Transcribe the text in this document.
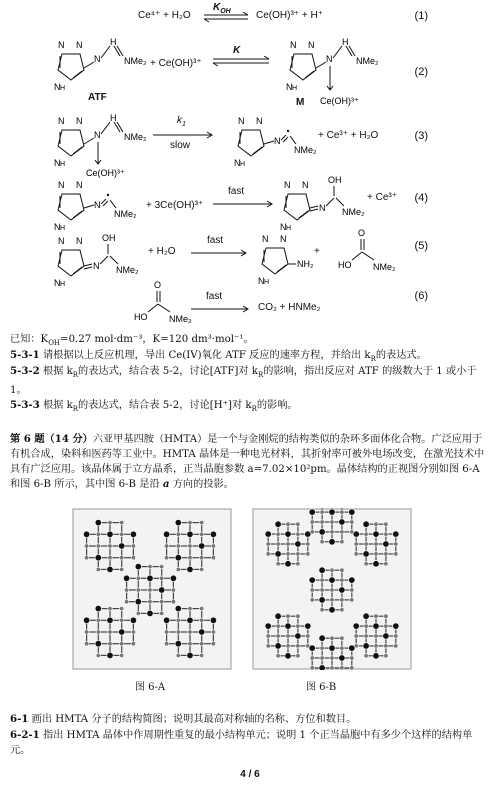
Ce⁴⁺ + H₂O
$K_{OH}$	Ce(OH)³⁺ + H⁺	(1)
N N
N H
N
H
NMe₂
ATF
+ Ce(OH)³⁺
K	N N
N H
N
H
NMe₂
Ce(OH)³⁺
M
(2)
N N
N H
N
H
NMe₂
Ce(OH)³⁺
$k_1$
slow
N N
N H
N
NMe₂
+ Ce³⁺ + H₂O	(3)
N N
N H
N
NMe₂
+ 3Ce(OH)³⁺
fast
N N
N H
N
OH
NMe₂
+ Ce³⁺ (4)
N N
N H
N
OH
NMe₂
+ H₂O
fast	N N
N H
NH₂
+
O
HO NMe₂
(5)
O
HO NMe₂
fast
CO₂ + HNMe₂
(6)
已知：$K_{OH}=0.27$ mol·dm⁻³，K=120 dm³·mol⁻¹。
5-3-1 请根据以上反应机理，导出 Ce(IV)氧化 ATF 反应的速率方程，并给出 $k_R$的表达式。
5-3-2 根据 $k_R$的表达式，结合表 5-2，讨论[ATF]对 $k_R$的影响，指出反应对 ATF 的级数大于 1 或小于 1。
5-3-3 根据 $k_R$的表达式，结合表 5-2，讨论[H⁺]对 $k_R$的影响。
第 6 题（14 分）六亚甲基四胺（HMTA）是一个与金刚烷的结构类似的杂环多面体化合物。广泛应用于有机合成，染料和医药等工业中。HMTA 晶体是一种电光材料，其折射率可被外电场改变，在激光技术中具有广泛应用。该晶体属于立方晶系，正当晶胞参数 a=7.02×10²pm。晶体结构的正视图分别如图 6-A 和图 6-B 所示，其中图 6-B 是沿 a 方向的投影。
图 6-A	图 6-B
6-1 画出 HMTA 分子的结构简图；说明其最高对称轴的名称、方位和数目。
6-2-1 指出 HMTA 晶体中作周期性重复的最小结构单元；说明 1 个正当晶胞中有多少个这样的结构单元。
4 / 6
